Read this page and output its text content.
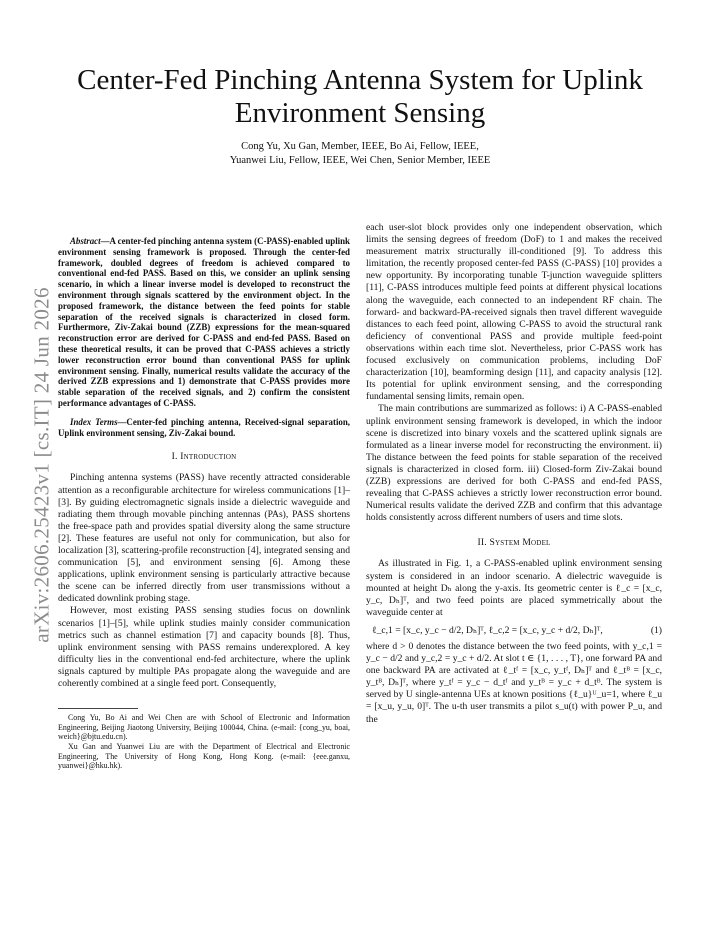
arXiv:2606.25423v1 [cs.IT] 24 Jun 2026
Center-Fed Pinching Antenna System for Uplink Environment Sensing
Cong Yu, Xu Gan, Member, IEEE, Bo Ai, Fellow, IEEE,
Yuanwei Liu, Fellow, IEEE, Wei Chen, Senior Member, IEEE

Abstract—A center-fed pinching antenna system (C-PASS)-enabled uplink environment sensing framework is proposed. Through the center-fed framework, doubled degrees of freedom is achieved compared to conventional end-fed PASS. Based on this, we consider an uplink sensing scenario, in which a linear inverse model is developed to reconstruct the environment through signals scattered by the environment object. In the proposed framework, the distance between the feed points for stable separation of the received signals is characterized in closed form. Furthermore, Ziv-Zakai bound (ZZB) expressions for the mean-squared reconstruction error are derived for C-PASS and end-fed PASS. Based on these theoretical results, it can be proved that C-PASS achieves a strictly lower reconstruction error bound than conventional PASS for uplink environment sensing. Finally, numerical results validate the accuracy of the derived ZZB expressions and 1) demonstrate that C-PASS provides more stable separation of the received signals, and 2) confirm the consistent performance advantages of C-PASS.

Index Terms—Center-fed pinching antenna, Received-signal separation, Uplink environment sensing, Ziv-Zakai bound.

I. Introduction

Pinching antenna systems (PASS) have recently attracted considerable attention as a reconfigurable architecture for wireless communications [1]–[3]. By guiding electromagnetic signals inside a dielectric waveguide and radiating them through movable pinching antennas (PAs), PASS shortens the free-space path and provides spatial diversity along the same structure [2]. These features are useful not only for communication, but also for localization [3], scattering-profile reconstruction [4], integrated sensing and communication [5], and environment sensing [6]. Among these applications, uplink environment sensing is particularly attractive because the scene can be inferred directly from user transmissions without a dedicated downlink probing stage.

However, most existing PASS sensing studies focus on downlink scenarios [1]–[5], while uplink studies mainly consider communication metrics such as channel estimation [7] and capacity bounds [8]. Thus, uplink environment sensing with PASS remains underexplored. A key difficulty lies in the conventional end-fed architecture, where the uplink signals captured by multiple PAs propagate along the waveguide and are coherently combined at a single feed port. Consequently,

Cong Yu, Bo Ai and Wei Chen are with School of Electronic and Information Engineering, Beijing Jiaotong University, Beijing 100044, China. (e-mail: {cong_yu, boai, weich}@bjtu.edu.cn).

Xu Gan and Yuanwei Liu are with the Department of Electrical and Electronic Engineering, The University of Hong Kong, Hong Kong. (e-mail: {eee.ganxu, yuanwei}@hku.hk).

each user-slot block provides only one independent observation, which limits the sensing degrees of freedom (DoF) to 1 and makes the received measurement matrix structurally ill-conditioned [9]. To address this limitation, the recently proposed center-fed PASS (C-PASS) [10] provides a new opportunity. By incorporating tunable T-junction waveguide splitters [11], C-PASS introduces multiple feed points at different physical locations along the waveguide, each connected to an independent RF chain. The forward- and backward-PA-received signals then travel different waveguide distances to each feed point, allowing C-PASS to avoid the structural rank deficiency of conventional PASS and provide multiple feed-point observations within each time slot. Nevertheless, prior C-PASS work has focused exclusively on communication problems, including DoF characterization [10], beamforming design [11], and capacity analysis [12]. Its potential for uplink environment sensing, and the corresponding fundamental sensing limits, remain open.

The main contributions are summarized as follows: i) A C-PASS-enabled uplink environment sensing framework is developed, in which the indoor scene is discretized into binary voxels and the scattered uplink signals are formulated as a linear inverse model for reconstructing the environment. ii) The distance between the feed points for stable separation of the received signals is characterized in closed form. iii) Closed-form Ziv-Zakai bound (ZZB) expressions are derived for both C-PASS and end-fed PASS, revealing that C-PASS achieves a strictly lower reconstruction error bound. Numerical results validate the derived ZZB and confirm that this advantage holds consistently across different numbers of users and time slots.

II. System Model

As illustrated in Fig. 1, a C-PASS-enabled uplink environment sensing system is considered in an indoor scenario. A dielectric waveguide is mounted at height Dₕ along the y-axis. Its geometric center is ℓ_c = [x_c, y_c, Dₕ]ᵀ, and two feed points are placed symmetrically about the waveguide center at

ℓ_c,1 = [x_c, y_c − d/2, Dₕ]ᵀ, ℓ_c,2 = [x_c, y_c + d/2, Dₕ]ᵀ,	(1)

where d > 0 denotes the distance between the two feed points, with y_c,1 = y_c − d/2 and y_c,2 = y_c + d/2. At slot t ∈ {1, . . . , T}, one forward PA and one backward PA are activated at ℓ_tᶠ = [x_c, y_tᶠ, Dₕ]ᵀ and ℓ_tᴮ = [x_c, y_tᴮ, Dₕ]ᵀ, where y_tᶠ = y_c − d_tᶠ and y_tᴮ = y_c + d_tᴮ. The system is served by U single-antenna UEs at known positions {ℓ_u}ᵁ_u=1, where ℓ_u = [x_u, y_u, 0]ᵀ. The u-th user transmits a pilot s_u(t) with power P_u, and the
